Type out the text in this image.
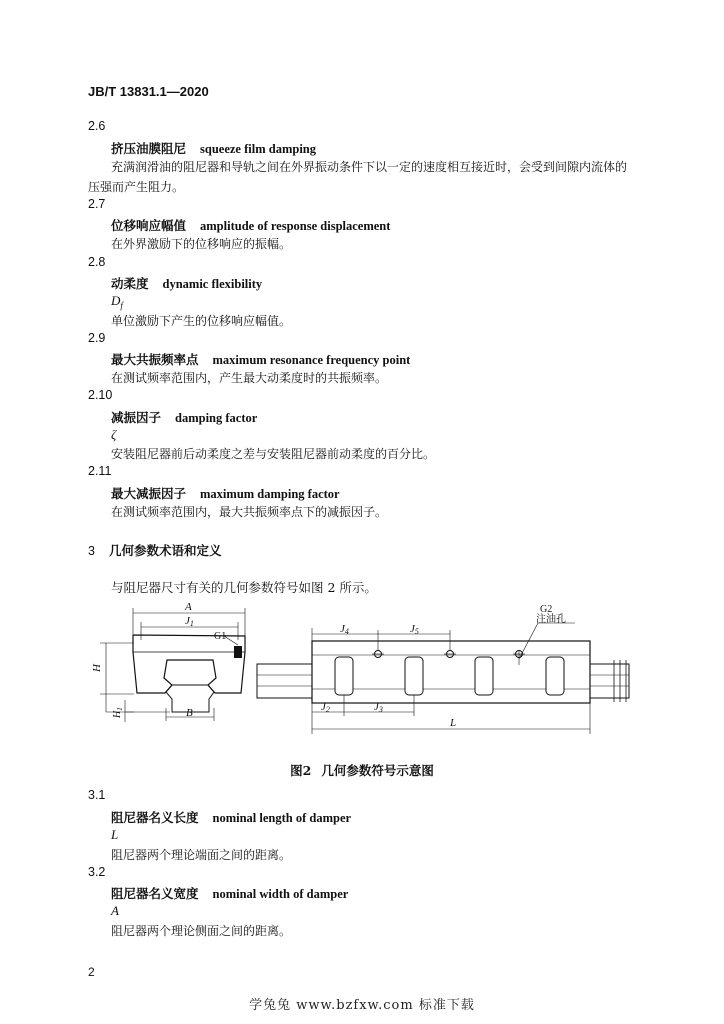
JB/T 13831.1—2020
2.6
挤压油膜阻尼 squeeze film damping
充满润滑油的阻尼器和导轨之间在外界振动条件下以一定的速度相互接近时，会受到间隙内流体的
压强而产生阻力。
2.7
位移响应幅值 amplitude of response displacement
在外界激励下的位移响应的振幅。
2.8
动柔度 dynamic flexibility
$D_f$
单位激励下产生的位移响应幅值。
2.9
最大共振频率点 maximum resonance frequency point
在测试频率范围内，产生最大动柔度时的共振频率。
2.10
减振因子 damping factor
ζ
安装阻尼器前后动柔度之差与安装阻尼器前动柔度的百分比。
2.11
最大减振因子 maximum damping factor
在测试频率范围内，最大共振频率点下的减振因子。
3 几何参数术语和定义
与阻尼器尺寸有关的几何参数符号如图 2 所示。
A
J1
G1
H
$H_1$	B
G2
注油孔
J4	J5
J2	J3
L
图2 几何参数符号示意图
3.1
阻尼器名义长度 nominal length of damper
L
阻尼器两个理论端面之间的距离。
3.2
阻尼器名义宽度 nominal width of damper
A
阻尼器两个理论侧面之间的距离。
2
学兔兔 www.bzfxw.com 标准下载
